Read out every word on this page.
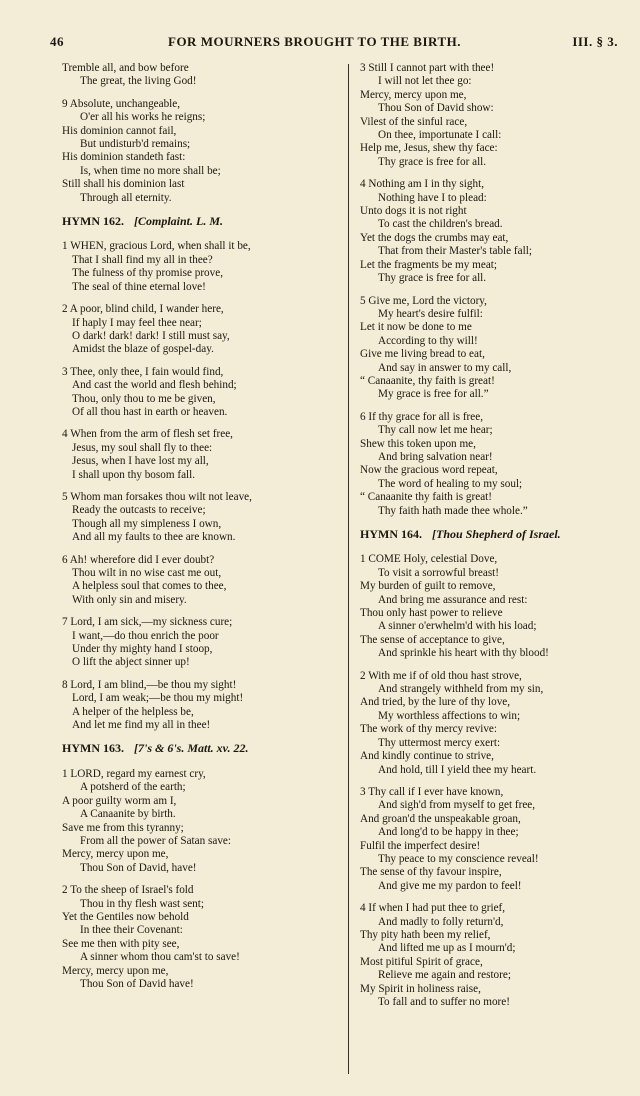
46	FOR MOURNERS BROUGHT TO THE BIRTH.	III. § 3.
Tremble all, and bow before
The great, the living God!
9 Absolute, unchangeable,
O'er all his works he reigns;
His dominion cannot fail,
But undisturb'd remains;
His dominion standeth fast:
Is, when time no more shall be;
Still shall his dominion last
Through all eternity.
HYMN 162. [Complaint. L. M.
1 WHEN, gracious Lord, when shall it be,
That I shall find my all in thee?
The fulness of thy promise prove,
The seal of thine eternal love!
2 A poor, blind child, I wander here,
If haply I may feel thee near;
O dark! dark! dark! I still must say,
Amidst the blaze of gospel-day.
3 Thee, only thee, I fain would find,
And cast the world and flesh behind;
Thou, only thou to me be given,
Of all thou hast in earth or heaven.
4 When from the arm of flesh set free,
Jesus, my soul shall fly to thee:
Jesus, when I have lost my all,
I shall upon thy bosom fall.
5 Whom man forsakes thou wilt not leave,
Ready the outcasts to receive;
Though all my simpleness I own,
And all my faults to thee are known.
6 Ah! wherefore did I ever doubt?
Thou wilt in no wise cast me out,
A helpless soul that comes to thee,
With only sin and misery.
7 Lord, I am sick,—my sickness cure;
I want,—do thou enrich the poor
Under thy mighty hand I stoop,
O lift the abject sinner up!
8 Lord, I am blind,—be thou my sight!
Lord, I am weak;—be thou my might!
A helper of the helpless be,
And let me find my all in thee!
HYMN 163. [7's & 6's. Matt. xv. 22.
1 LORD, regard my earnest cry,
A potsherd of the earth;
A poor guilty worm am I,
A Canaanite by birth.
Save me from this tyranny;
From all the power of Satan save:
Mercy, mercy upon me,
Thou Son of David, have!
2 To the sheep of Israel's fold
Thou in thy flesh wast sent;
Yet the Gentiles now behold
In thee their Covenant:
See me then with pity see,
A sinner whom thou cam'st to save!
Mercy, mercy upon me,
Thou Son of David have!
3 Still I cannot part with thee!
I will not let thee go:
Mercy, mercy upon me,
Thou Son of David show:
Vilest of the sinful race,
On thee, importunate I call:
Help me, Jesus, shew thy face:
Thy grace is free for all.
4 Nothing am I in thy sight,
Nothing have I to plead:
Unto dogs it is not right
To cast the children's bread.
Yet the dogs the crumbs may eat,
That from their Master's table fall;
Let the fragments be my meat;
Thy grace is free for all.
5 Give me, Lord the victory,
My heart's desire fulfil:
Let it now be done to me
According to thy will!
Give me living bread to eat,
And say in answer to my call,
“ Canaanite, thy faith is great!
My grace is free for all.”
6 If thy grace for all is free,
Thy call now let me hear;
Shew this token upon me,
And bring salvation near!
Now the gracious word repeat,
The word of healing to my soul;
“ Canaanite thy faith is great!
Thy faith hath made thee whole.”
HYMN 164. [Thou Shepherd of Israel.
1 COME Holy, celestial Dove,
To visit a sorrowful breast!
My burden of guilt to remove,
And bring me assurance and rest:
Thou only hast power to relieve
A sinner o'erwhelm'd with his load;
The sense of acceptance to give,
And sprinkle his heart with thy blood!
2 With me if of old thou hast strove,
And strangely withheld from my sin,
And tried, by the lure of thy love,
My worthless affections to win;
The work of thy mercy revive:
Thy uttermost mercy exert:
And kindly continue to strive,
And hold, till I yield thee my heart.
3 Thy call if I ever have known,
And sigh'd from myself to get free,
And groan'd the unspeakable groan,
And long'd to be happy in thee;
Fulfil the imperfect desire!
Thy peace to my conscience reveal!
The sense of thy favour inspire,
And give me my pardon to feel!
4 If when I had put thee to grief,
And madly to folly return'd,
Thy pity hath been my relief,
And lifted me up as I mourn'd;
Most pitiful Spirit of grace,
Relieve me again and restore;
My Spirit in holiness raise,
To fall and to suffer no more!
